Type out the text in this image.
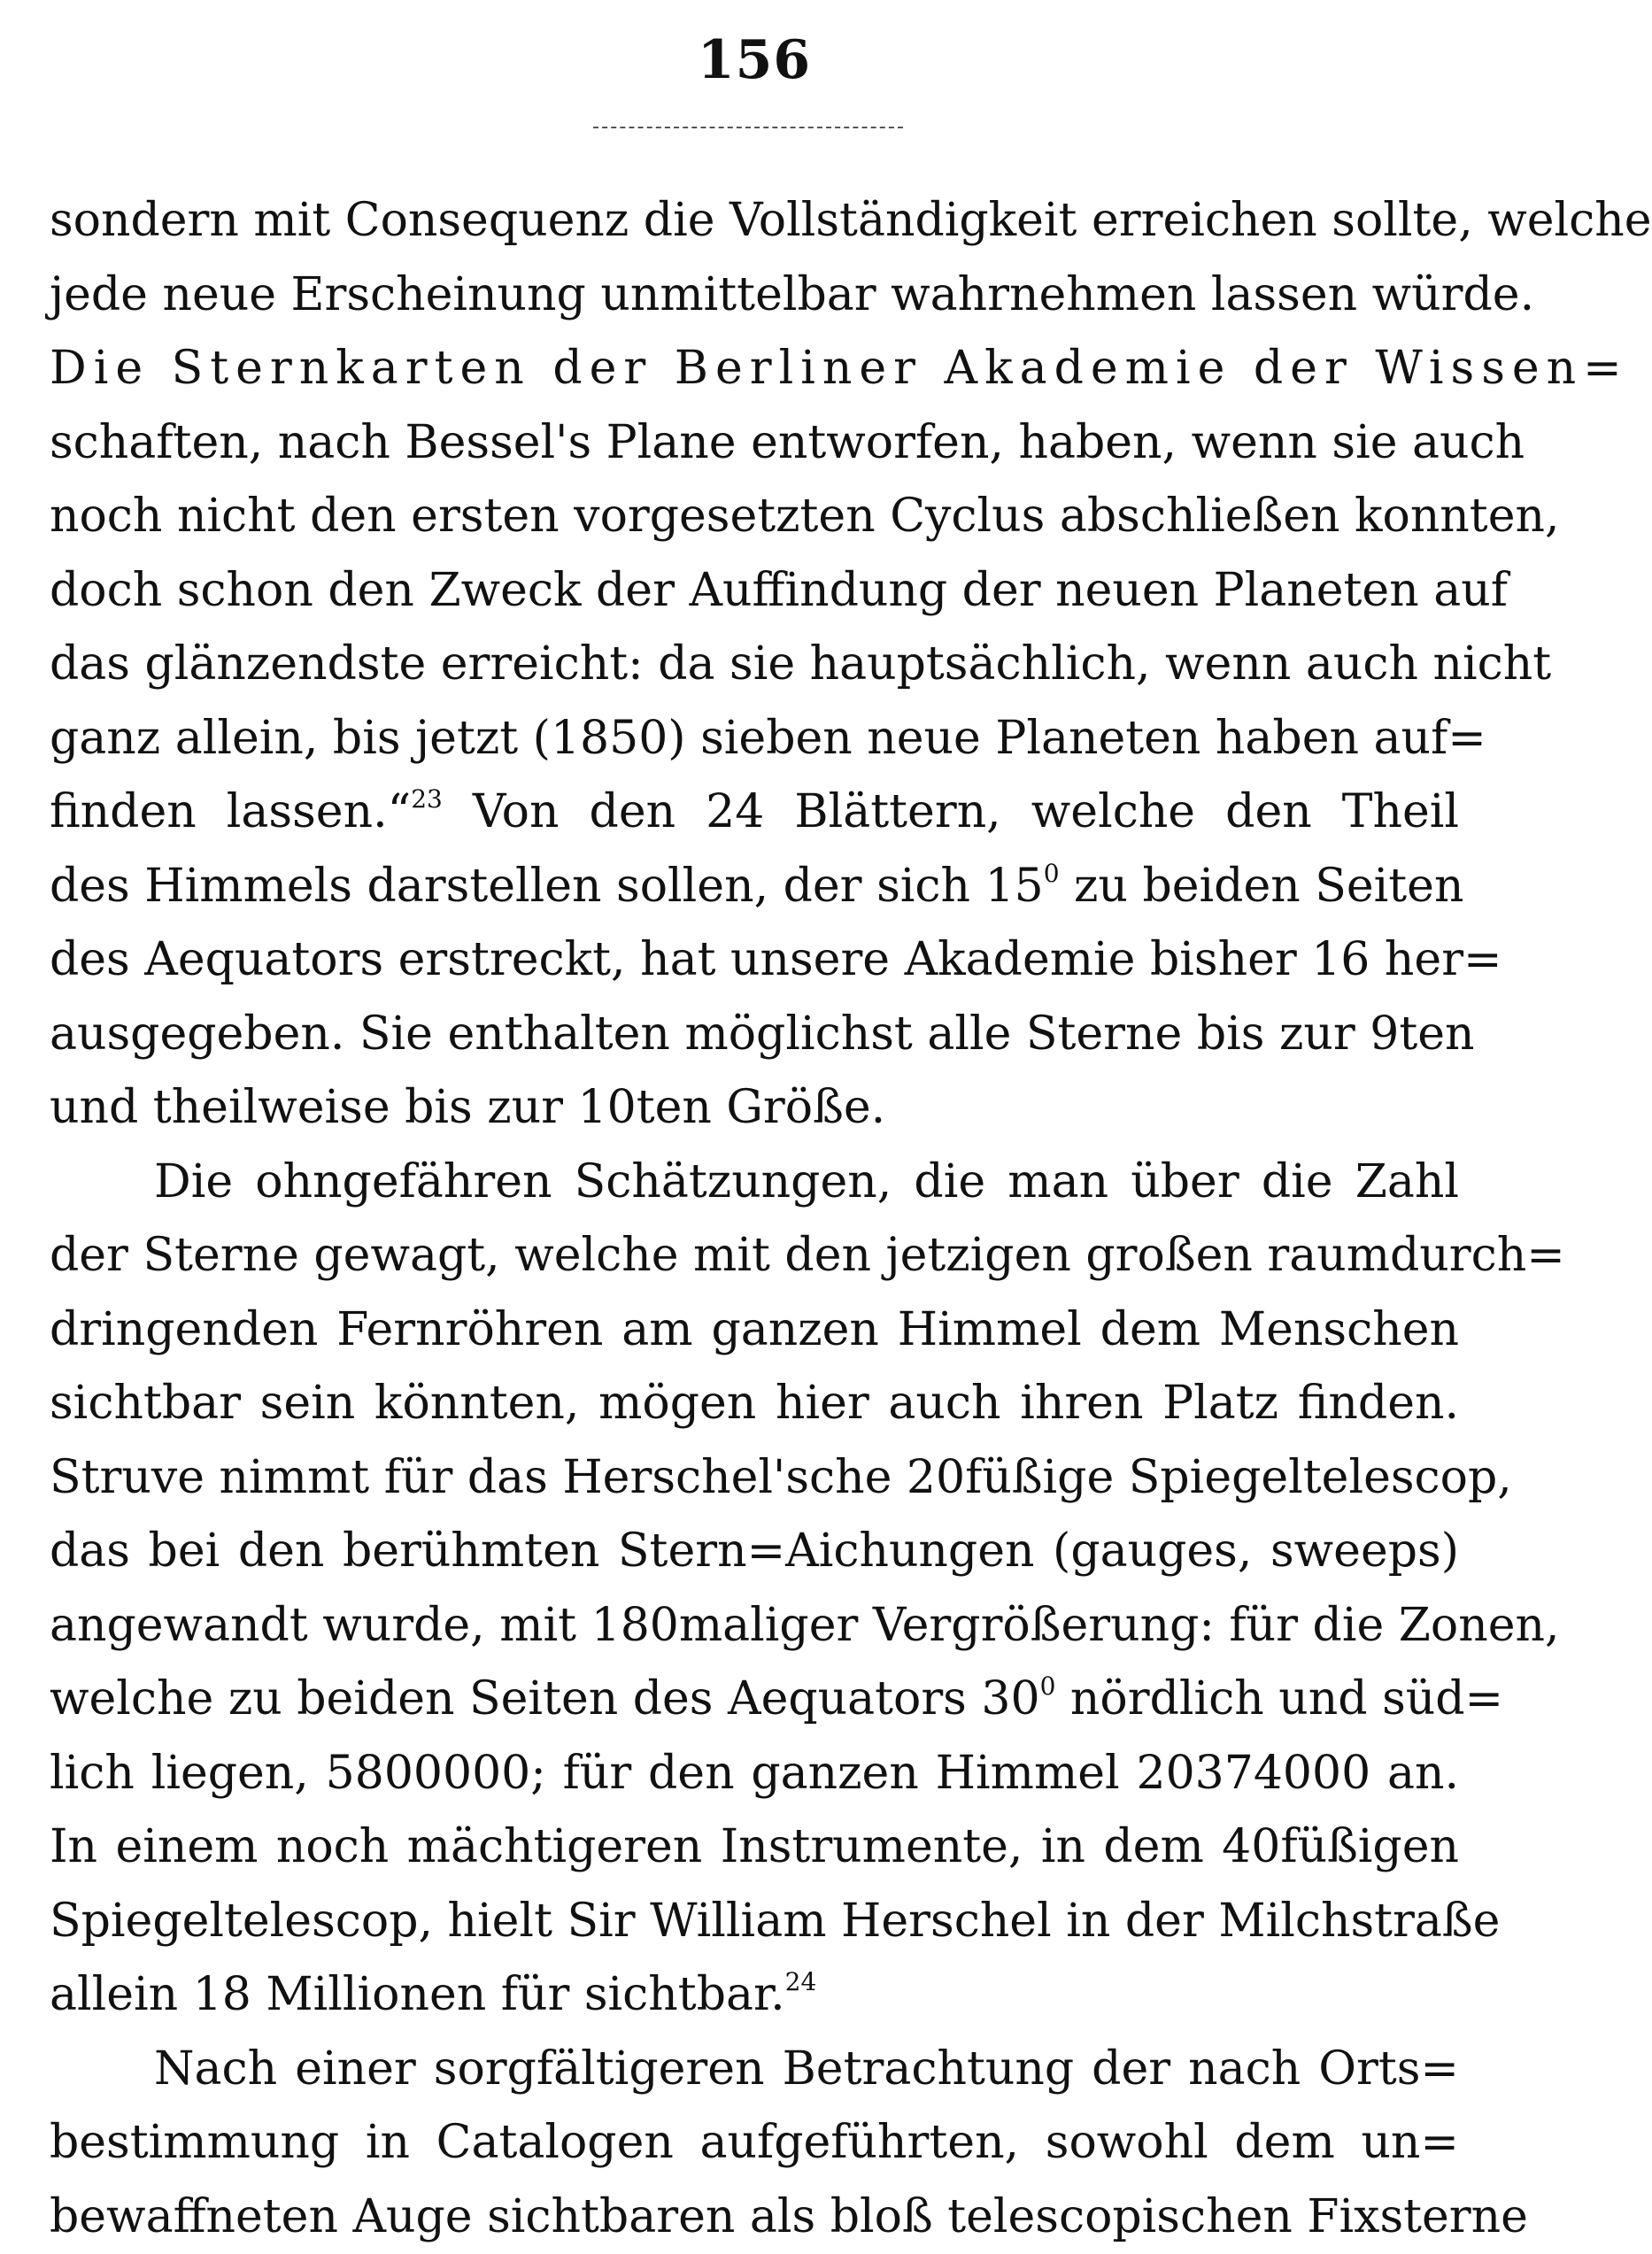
156
sondern mit Consequenz die Vollständigkeit erreichen sollte, welche
jede neue Erscheinung unmittelbar wahrnehmen lassen würde.
Die Sternkarten der Berliner Akademie der Wissen=
schaften, nach Bessel's Plane entworfen, haben, wenn sie auch
noch nicht den ersten vorgesetzten Cyclus abschließen konnten,
doch schon den Zweck der Auffindung der neuen Planeten auf
das glänzendste erreicht: da sie hauptsächlich, wenn auch nicht
ganz allein, bis jetzt (1850) sieben neue Planeten haben auf=
finden lassen.“$^{23}$ Von den 24 Blättern, welche den Theil
des Himmels darstellen sollen, der sich $15^0$ zu beiden Seiten
des Aequators erstreckt, hat unsere Akademie bisher 16 her=
ausgegeben. Sie enthalten möglichst alle Sterne bis zur 9ten
und theilweise bis zur 10ten Größe.
Die ohngefähren Schätzungen, die man über die Zahl
der Sterne gewagt, welche mit den jetzigen großen raumdurch=
dringenden Fernröhren am ganzen Himmel dem Menschen
sichtbar sein könnten, mögen hier auch ihren Platz finden.
Struve nimmt für das Herschel'sche 20füßige Spiegeltelescop,
das bei den berühmten Stern=Aichungen (gauges, sweeps)
angewandt wurde, mit 180maliger Vergrößerung: für die Zonen,
welche zu beiden Seiten des Aequators $30^0$ nördlich und süd=
lich liegen, 5800000; für den ganzen Himmel 20374000 an.
In einem noch mächtigeren Instrumente, in dem 40füßigen
Spiegeltelescop, hielt Sir William Herschel in der Milchstraße
allein 18 Millionen für sichtbar.$^{24}$
Nach einer sorgfältigeren Betrachtung der nach Orts=
bestimmung in Catalogen aufgeführten, sowohl dem un=
bewaffneten Auge sichtbaren als bloß telescopischen Fixsterne
